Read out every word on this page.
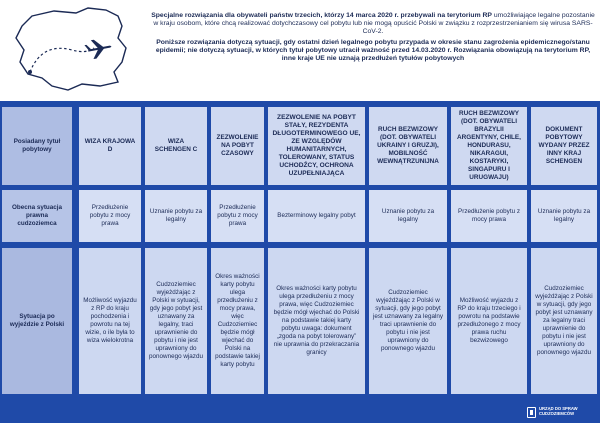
Specjalne rozwiązania dla obywateli państw trzecich, którzy 14 marca 2020 r. przebywali na terytorium RP umożliwiające legalne pozostanie w kraju osobom, które chcą realizować dotychczasowy cel pobytu lub nie mogą opuścić Polski w związku z rozprzestrzenianiem się wirusa SARS-CoV-2.

Poniższe rozwiązania dotyczą sytuacji, gdy ostatni dzień legalnego pobytu przypada w okresie stanu zagrożenia epidemicznego/stanu epidemii; nie dotyczą sytuacji, w których tytuł pobytowy utracił ważność przed 14.03.2020 r. Rozwiązania obowiązują na terytorium RP, inne kraje UE nie uznają przedłużeń tytułów pobytowych

Posiadany tytuł pobytowy
WIZA KRAJOWA D
WIZA SCHENGEN C
ZEZWOLENIE NA POBYT CZASOWY
ZEZWOLENIE NA POBYT STAŁY, REZYDENTA DŁUGOTERMINOWEGO UE, ZE WZGLĘDÓW HUMANITARNYCH, TOLEROWANY, STATUS UCHODŹCY, OCHRONA UZUPEŁNIAJĄCA
RUCH BEZWIZOWY (DOT. OBYWATELI UKRAINY I GRUZJI), MOBILNOŚĆ WEWNĄTRZUNIJNA
RUCH BEZWIZOWY (DOT. OBYWATELI BRAZYLII ARGENTYNY, CHILE, HONDURASU, NIKARAGUI, KOSTARYKI, SINGAPURU I URUGWAJU)
DOKUMENT POBYTOWY WYDANY PRZEZ INNY KRAJ SCHENGEN
Obecna sytuacja prawna cudzoziemca
Przedłużenie pobytu z mocy prawa
Uznanie pobytu za legalny
Przedłużenie pobytu z mocy prawa
Bezterminowy legalny pobyt
Uznanie pobytu za legalny
Przedłużenie pobytu z mocy prawa
Uznanie pobytu za legalny
Sytuacja po wyjeździe z Polski
Możliwość wyjazdu z RP do kraju pochodzenia i powrotu na tej wizie, o ile była to wiza wielokrotna
Cudzoziemiec wyjeżdżając z Polski w sytuacji, gdy jego pobyt jest uznawany za legalny, traci uprawnienie do pobytu i nie jest uprawniony do ponownego wjazdu
Okres ważności karty pobytu ulega przedłużeniu z mocy prawa, więc Cudzoziemiec będzie mógł wjechać do Polski na podstawie takiej karty pobytu
Okres ważności karty pobytu ulega przedłużeniu z mocy prawa, więc Cudzoziemiec będzie mógł wjechać do Polski na podstawie takiej karty pobytu uwaga: dokument „zgoda na pobyt tolerowany” nie uprawnia do przekraczania granicy
Cudzoziemiec wyjeżdżając z Polski w sytuacji, gdy jego pobyt jest uznawany za legalny traci uprawnienie do pobytu i nie jest uprawniony do ponownego wjazdu
Możliwość wyjazdu z RP do kraju trzeciego i powrotu na podstawie przedłużonego z mocy prawa ruchu bezwizowego
Cudzoziemiec wyjeżdżając z Polski w sytuacji, gdy jego pobyt jest uznawany za legalny traci uprawnienie do pobytu i nie jest uprawniony do ponownego wjazdu
URZĄD DO SPRAW
CUDZOZIEMCÓW
